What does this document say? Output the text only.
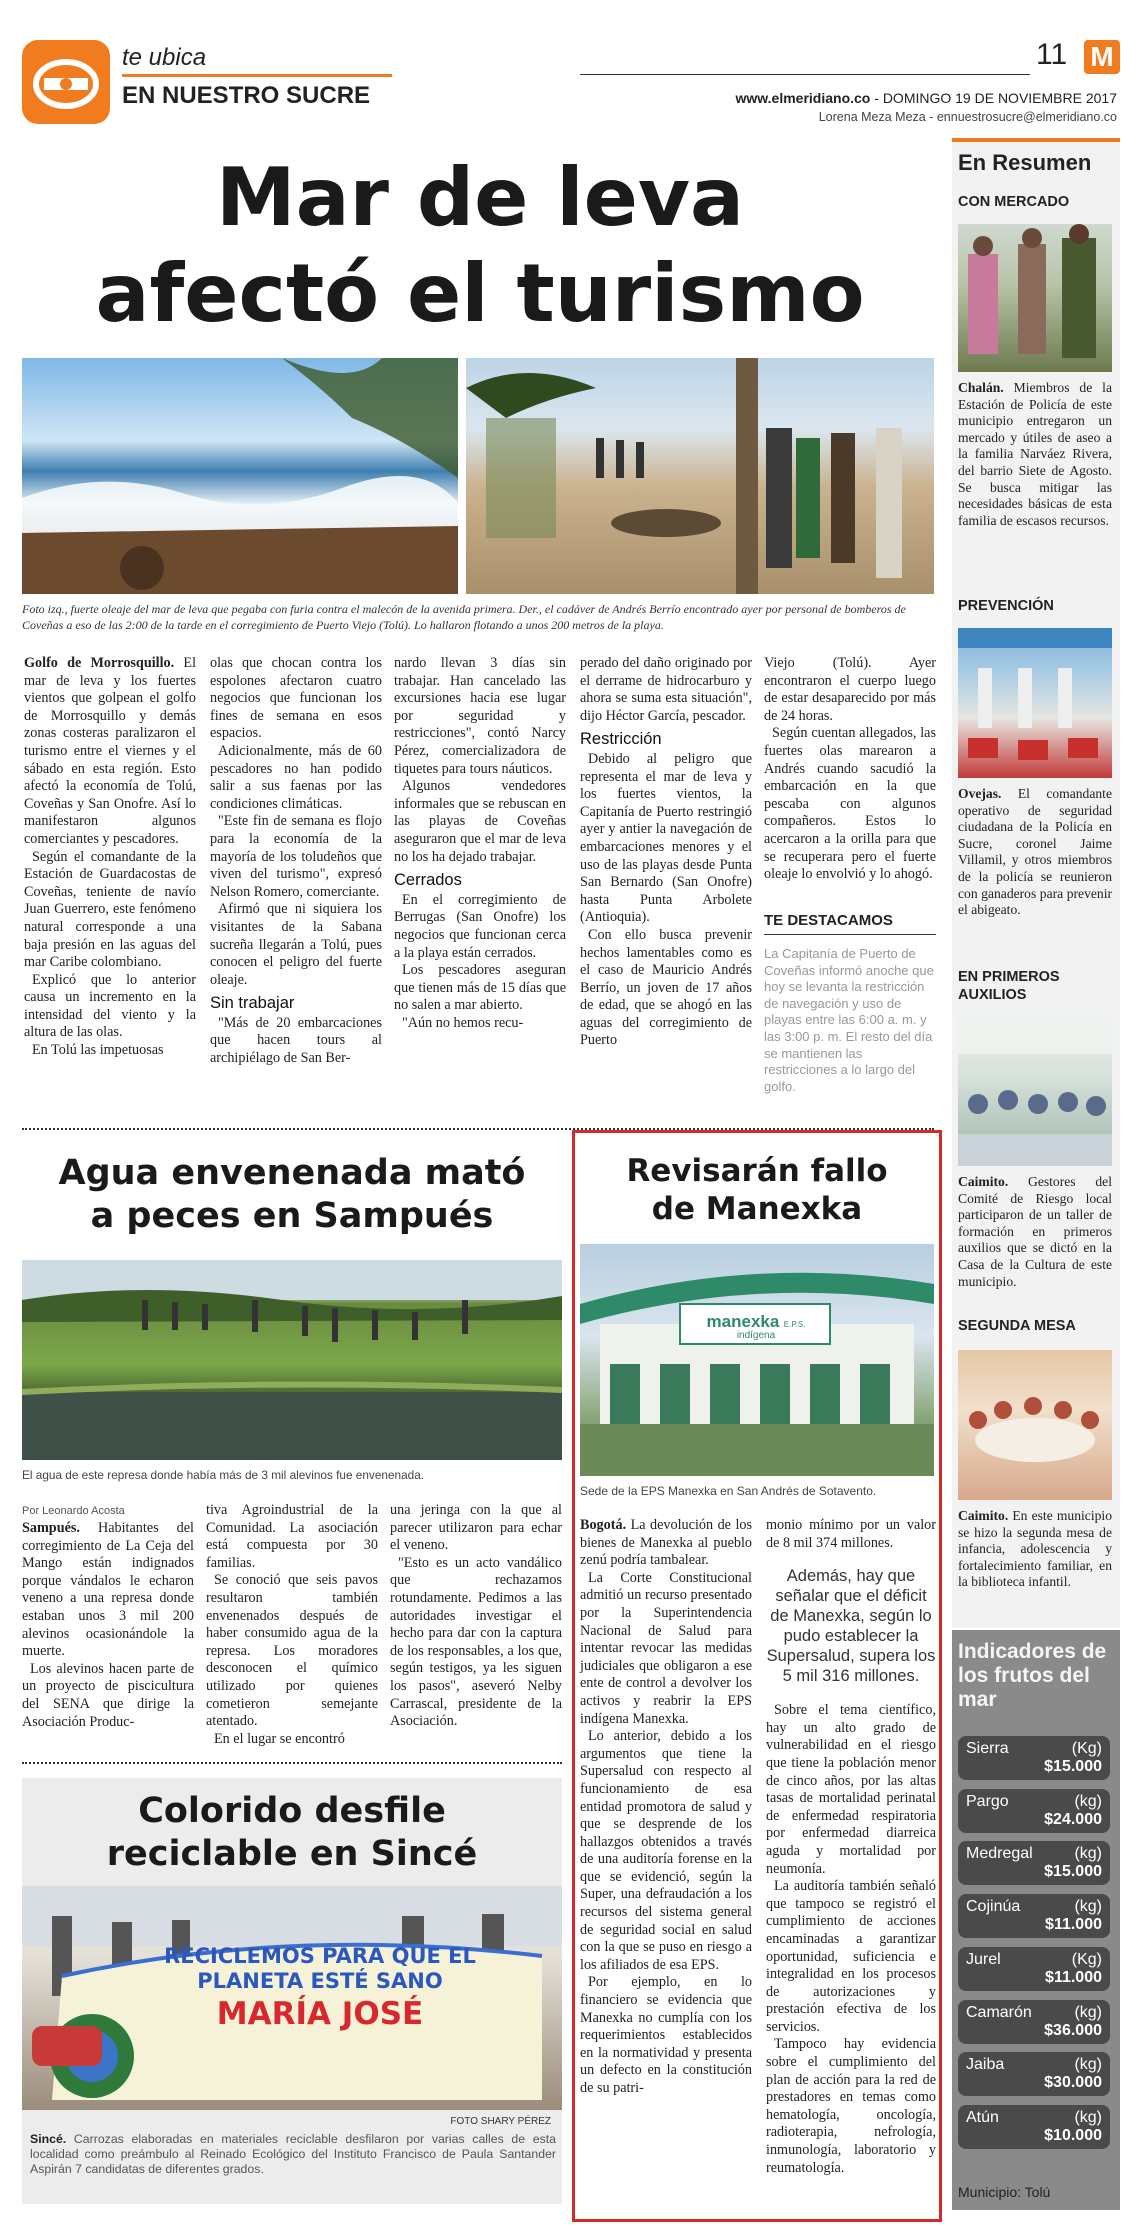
te ubica
EN NUESTRO SUCRE
11 M
www.elmeridiano.co - DOMINGO 19 DE NOVIEMBRE 2017
Lorena Meza Meza - ennuestrosucre@elmeridiano.co
Mar de leva
afectó el turismo
Foto izq., fuerte oleaje del mar de leva que pegaba con furia contra el malecón de la avenida primera. Der., el cadáver de Andrés Berrío encontrado ayer por personal de bomberos de Coveñas a eso de las 2:00 de la tarde en el corregimiento de Puerto Viejo (Tolú). Lo hallaron flotando a unos 200 metros de la playa.

Golfo de Morrosquillo. El mar de leva y los fuertes vientos que golpean el golfo de Morrosquillo y demás zonas costeras paralizaron el turismo entre el viernes y el sábado en esta región. Esto afectó la economía de Tolú, Coveñas y San Onofre. Así lo manifestaron algunos comerciantes y pescadores.

Según el comandante de la Estación de Guardacostas de Coveñas, teniente de navío Juan Guerrero, este fenómeno natural corresponde a una baja presión en las aguas del mar Caribe colombiano.

Explicó que lo anterior causa un incremento en la intensidad del viento y la altura de las olas.

En Tolú las impetuosas

olas que chocan contra los espolones afectaron cuatro negocios que funcionan los fines de semana en esos espacios.

Adicionalmente, más de 60 pescadores no han podido salir a sus faenas por las condiciones climáticas.

"Este fin de semana es flojo para la economía de la mayoría de los toludeños que viven del turismo", expresó Nelson Romero, comerciante.

Afirmó que ni siquiera los visitantes de la Sabana sucreña llegarán a Tolú, pues conocen el peligro del fuerte oleaje.

Sin trabajar

"Más de 20 embarcaciones que hacen tours al archipiélago de San Ber-

nardo llevan 3 días sin trabajar. Han cancelado las excursiones hacia ese lugar por seguridad y restricciones", contó Narcy Pérez, comercializadora de tiquetes para tours náuticos.

Algunos vendedores informales que se rebuscan en las playas de Coveñas aseguraron que el mar de leva no los ha dejado trabajar.

Cerrados

En el corregimiento de Berrugas (San Onofre) los negocios que funcionan cerca a la playa están cerrados.

Los pescadores aseguran que tienen más de 15 días que no salen a mar abierto.

"Aún no hemos recu-

perado del daño originado por el derrame de hidrocarburo y ahora se suma esta situación", dijo Héctor García, pescador.

Restricción

Debido al peligro que representa el mar de leva y los fuertes vientos, la Capitanía de Puerto restringió ayer y antier la navegación de embarcaciones menores y el uso de las playas desde Punta San Bernardo (San Onofre) hasta Punta Arbolete (Antioquia).

Con ello busca prevenir hechos lamentables como es el caso de Mauricio Andrés Berrío, un joven de 17 años de edad, que se ahogó en las aguas del corregimiento de Puerto

Viejo (Tolú). Ayer encontraron el cuerpo luego de estar desaparecido por más de 24 horas.

Según cuentan allegados, las fuertes olas marearon a Andrés cuando sacudió la embarcación en la que pescaba con algunos compañeros. Estos lo acercaron a la orilla para que se recuperara pero el fuerte oleaje lo envolvió y lo ahogó.

TE DESTACAMOS
La Capitanía de Puerto de Coveñas informó anoche que hoy se levanta la restricción de navegación y uso de playas entre las 6:00 a. m. y las 3:00 p. m. El resto del día se mantienen las restricciones a lo largo del golfo.
Agua envenenada mató
a peces en Sampués
El agua de este represa donde había más de 3 mil alevinos fue envenenada.
Por Leonardo Acosta

Sampués. Habitantes del corregimiento de La Ceja del Mango están indignados porque vándalos le echaron veneno a una represa donde estaban unos 3 mil 200 alevinos ocasionándole la muerte.

Los alevinos hacen parte de un proyecto de piscicultura del SENA que dirige la Asociación Produc-

tiva Agroindustrial de la Comunidad. La asociación está compuesta por 30 familias.

Se conoció que seis pavos resultaron también envenenados después de haber consumido agua de la represa. Los moradores desconocen el químico utilizado por quienes cometieron semejante atentado.

En el lugar se encontró

una jeringa con la que al parecer utilizaron para echar el veneno.

"Esto es un acto vandálico que rechazamos rotundamente. Pedimos a las autoridades investigar el hecho para dar con la captura de los responsables, a los que, según testigos, ya les siguen los pasos", aseveró Nelby Carrascal, presidente de la Asociación.

Colorido desfile
reciclable en Sincé
RECICLEMOS PARA QUE EL
PLANETA ESTÉ SANO
MARÍA JOSÉ
FOTO SHARY PÉREZ
Sincé. Carrozas elaboradas en materiales reciclable desfilaron por varias calles de esta localidad como preámbulo al Reinado Ecológico del Instituto Francisco de Paula Santander Aspirán 7 candidatas de diferentes grados.
Revisarán fallo
de Manexka
manexka E.P.S.
indígena
Sede de la EPS Manexka en San Andrés de Sotavento.

Bogotá. La devolución de los bienes de Manexka al pueblo zenú podría tambalear.

La Corte Constitucional admitió un recurso presentado por la Superintendencia Nacional de Salud para intentar revocar las medidas judiciales que obligaron a ese ente de control a devolver los activos y reabrir la EPS indígena Manexka.

Lo anterior, debido a los argumentos que tiene la Supersalud con respecto al funcionamiento de esa entidad promotora de salud y que se desprende de los hallazgos obtenidos a través de una auditoría forense en la que se evidenció, según la Super, una defraudación a los recursos del sistema general de seguridad social en salud con la que se puso en riesgo a los afiliados de esa EPS.

Por ejemplo, en lo financiero se evidencia que Manexka no cumplía con los requerimientos establecidos en la normatividad y presenta un defecto en la constitución de su patri-

monio mínimo por un valor de 8 mil 374 millones.

Además, hay que señalar que el déficit de Manexka, según lo pudo establecer la Supersalud, supera los 5 mil 316 millones.

Sobre el tema científico, hay un alto grado de vulnerabilidad en el riesgo que tiene la población menor de cinco años, por las altas tasas de mortalidad perinatal de enfermedad respiratoria por enfermedad diarreica aguda y mortalidad por neumonía.

La auditoría también señaló que tampoco se registró el cumplimiento de acciones encaminadas a garantizar oportunidad, suficiencia e integralidad en los procesos de autorizaciones y prestación efectiva de los servicios.

Tampoco hay evidencia sobre el cumplimiento del plan de acción para la red de prestadores en temas como hematología, oncología, radioterapia, nefrología, inmunología, laboratorio y reumatología.

En Resumen
CON MERCADO
Chalán. Miembros de la Estación de Policía de este municipio entregaron un mercado y útiles de aseo a la familia Narváez Rivera, del barrio Siete de Agosto. Se busca mitigar las necesidades básicas de esta familia de escasos recursos.
PREVENCIÓN
Ovejas. El comandante operativo de seguridad ciudadana de la Policía en Sucre, coronel Jaime Villamil, y otros miembros de la policía se reunieron con ganaderos para prevenir el abigeato.
EN PRIMEROS
AUXILIOS
Caimito. Gestores del Comité de Riesgo local participaron de un taller de formación en primeros auxilios que se dictó en la Casa de la Cultura de este municipio.
SEGUNDA MESA
Caimito. En este municipio se hizo la segunda mesa de infancia, adolescencia y fortalecimiento familiar, en la biblioteca infantil.
Indicadores de los frutos del mar
Sierra	(Kg)
$15.000
Pargo	(kg)
$24.000
Medregal	(kg)
$15.000
Cojinúa	(kg)
$11.000
Jurel	(Kg)
$11.000
Camarón	(kg)
$36.000
Jaiba	(kg)
$30.000
Atún	(kg)
$10.000
Municipio: Tolú
